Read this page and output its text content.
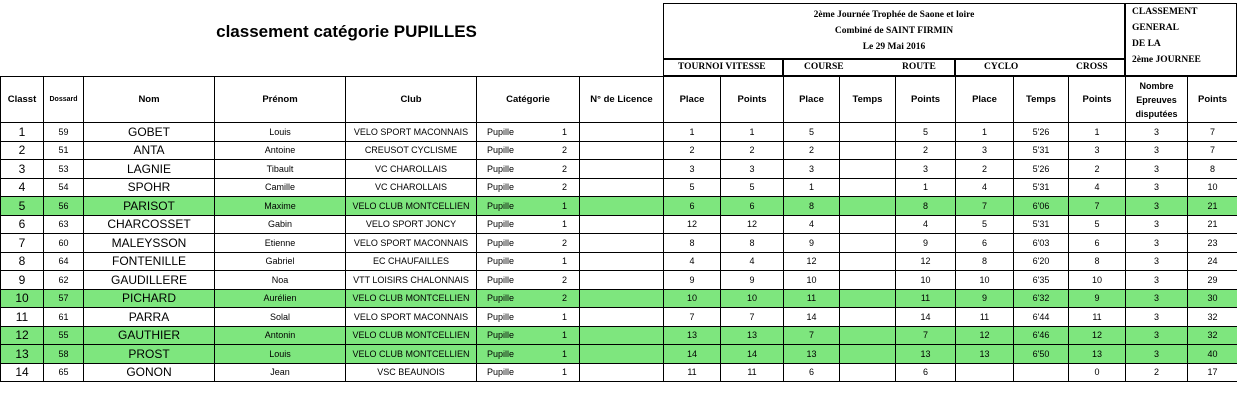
classement catégorie PUPILLES
2ème Journée Trophée de Saone et loire
Combiné de SAINT FIRMIN
Le 29 Mai 2016
CLASSEMENT
GENERAL
DE LA
2ème JOURNEE
TOURNOI VITESSE	COURSE	ROUTE	CYCLO	CROSS
Classt	Dossard	Nom	Prénom	Club	Catégorie	N° de Licence	Place	Points	Place	Temps	Points	Place	Temps	Points	Nombre
Epreuves
disputées	Points
1	59	GOBET	Louis	VELO SPORT MACONNAIS	Pupille 1		1	1	5		5	1	5'26	1	3	7
2	51	ANTA	Antoine	CREUSOT CYCLISME	Pupille 2		2	2	2		2	3	5'31	3	3	7
3	53	LAGNIE	Tibault	VC CHAROLLAIS	Pupille 2		3	3	3		3	2	5'26	2	3	8
4	54	SPOHR	Camille	VC CHAROLLAIS	Pupille 2		5	5	1		1	4	5'31	4	3	10
5	56	PARISOT	Maxime	VELO CLUB MONTCELLIEN	Pupille 1		6	6	8		8	7	6'06	7	3	21
6	63	CHARCOSSET	Gabin	VELO SPORT JONCY	Pupille 1		12	12	4		4	5	5'31	5	3	21
7	60	MALEYSSON	Etienne	VELO SPORT MACONNAIS	Pupille 2		8	8	9		9	6	6'03	6	3	23
8	64	FONTENILLE	Gabriel	EC CHAUFAILLES	Pupille 1		4	4	12		12	8	6'20	8	3	24
9	62	GAUDILLERE	Noa	VTT LOISIRS CHALONNAIS	Pupille 2		9	9	10		10	10	6'35	10	3	29
10	57	PICHARD	Aurélien	VELO CLUB MONTCELLIEN	Pupille 2		10	10	11		11	9	6'32	9	3	30
11	61	PARRA	Solal	VELO SPORT MACONNAIS	Pupille 1		7	7	14		14	11	6'44	11	3	32
12	55	GAUTHIER	Antonin	VELO CLUB MONTCELLIEN	Pupille 1		13	13	7		7	12	6'46	12	3	32
13	58	PROST	Louis	VELO CLUB MONTCELLIEN	Pupille 1		14	14	13		13	13	6'50	13	3	40
14	65	GONON	Jean	VSC BEAUNOIS	Pupille 1		11	11	6		6			0	2	17
